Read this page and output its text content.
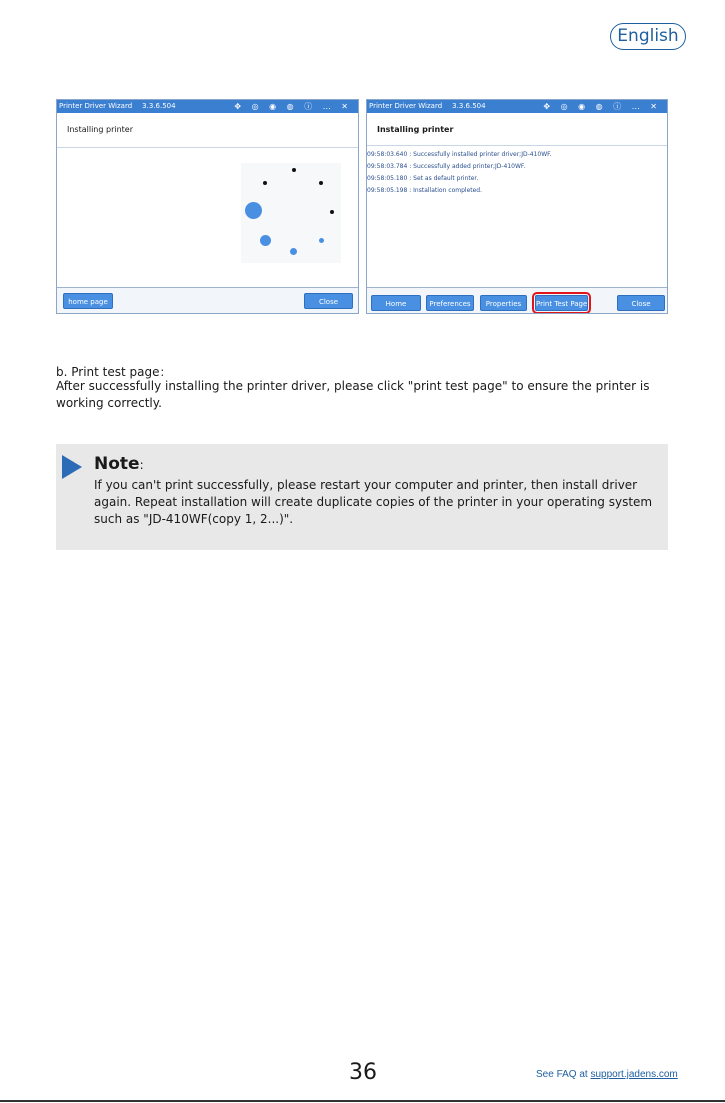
English
Printer Driver Wizard 3.3.6.504	✥ ◎ ◉ ◍ ⓘ … ✕
Installing printer
home page	Close
Printer Driver Wizard 3.3.6.504	✥ ◎ ◉ ◍ ⓘ … ✕
Installing printer
09:58:03.640 : Successfully installed printer driver;JD-410WF.
09:58:03.784 : Successfully added printer;JD-410WF.
09:58:05.180 : Set as default printer.
09:58:05.198 : Installation completed.
Home	Preferences	Properties	Print Test Page	Close
b. Print test page：
After successfully installing the printer driver, please click "print test page" to ensure the printer is working correctly.
Note:
If you can't print successfully, please restart your computer and printer, then install driver again. Repeat installation will create duplicate copies of the printer in your operating system such as "JD-410WF(copy 1, 2...)".
36	See FAQ at support.jadens.com
